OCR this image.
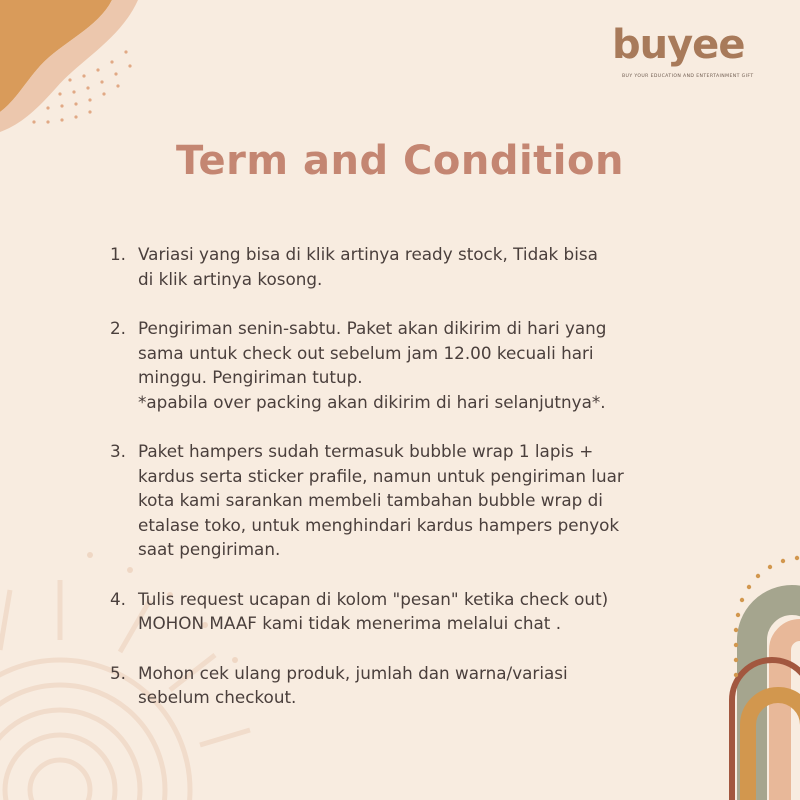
buyee
BUY YOUR EDUCATION AND ENTERTAINMENT GIFT
Term and Condition
1. Variasi yang bisa di klik artinya ready stock, Tidak bisa
di klik artinya kosong.
2. Pengiriman senin-sabtu. Paket akan dikirim di hari yang
sama untuk check out sebelum jam 12.00 kecuali hari
minggu. Pengiriman tutup.
*apabila over packing akan dikirim di hari selanjutnya*.
3. Paket hampers sudah termasuk bubble wrap 1 lapis +
kardus serta sticker prafile, namun untuk pengiriman luar
kota kami sarankan membeli tambahan bubble wrap di
etalase toko, untuk menghindari kardus hampers penyok
saat pengiriman.
4. Tulis request ucapan di kolom "pesan" ketika check out)
MOHON MAAF kami tidak menerima melalui chat .
5. Mohon cek ulang produk, jumlah dan warna/variasi
sebelum checkout.
